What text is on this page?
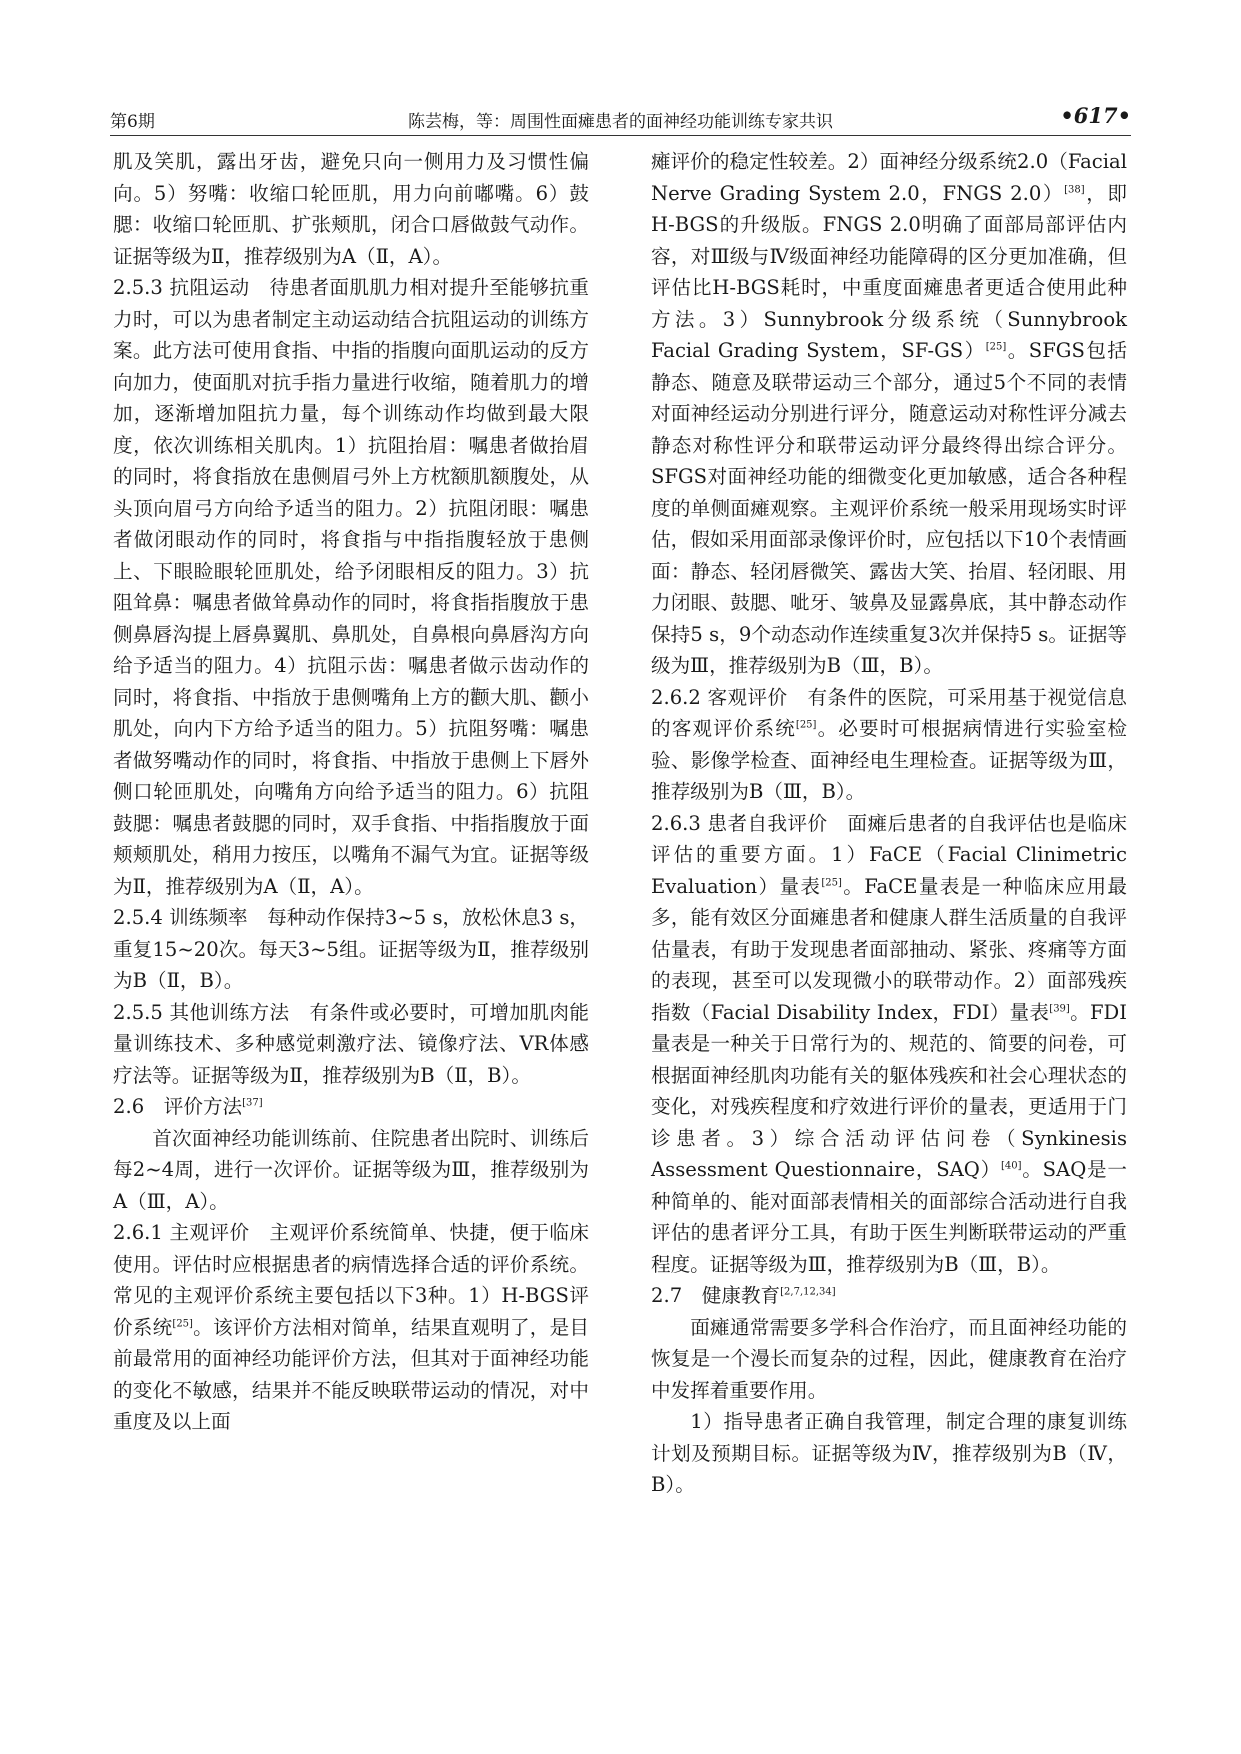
第6期	陈芸梅，等：周围性面瘫患者的面神经功能训练专家共识	•617•

肌及笑肌，露出牙齿，避免只向一侧用力及习惯性偏向。5）努嘴：收缩口轮匝肌，用力向前嘟嘴。6）鼓腮：收缩口轮匝肌、扩张颊肌，闭合口唇做鼓气动作。证据等级为Ⅱ，推荐级别为A（Ⅱ，A）。

2.5.3 抗阻运动　待患者面肌肌力相对提升至能够抗重力时，可以为患者制定主动运动结合抗阻运动的训练方案。此方法可使用食指、中指的指腹向面肌运动的反方向加力，使面肌对抗手指力量进行收缩，随着肌力的增加，逐渐增加阻抗力量，每个训练动作均做到最大限度，依次训练相关肌肉。1）抗阻抬眉：嘱患者做抬眉的同时，将食指放在患侧眉弓外上方枕额肌额腹处，从头顶向眉弓方向给予适当的阻力。2）抗阻闭眼：嘱患者做闭眼动作的同时，将食指与中指指腹轻放于患侧上、下眼睑眼轮匝肌处，给予闭眼相反的阻力。3）抗阻耸鼻：嘱患者做耸鼻动作的同时，将食指指腹放于患侧鼻唇沟提上唇鼻翼肌、鼻肌处，自鼻根向鼻唇沟方向给予适当的阻力。4）抗阻示齿：嘱患者做示齿动作的同时，将食指、中指放于患侧嘴角上方的颧大肌、颧小肌处，向内下方给予适当的阻力。5）抗阻努嘴：嘱患者做努嘴动作的同时，将食指、中指放于患侧上下唇外侧口轮匝肌处，向嘴角方向给予适当的阻力。6）抗阻鼓腮：嘱患者鼓腮的同时，双手食指、中指指腹放于面颊颊肌处，稍用力按压，以嘴角不漏气为宜。证据等级为Ⅱ，推荐级别为A（Ⅱ，A）。

2.5.4 训练频率　每种动作保持3~5 s，放松休息3 s，重复15~20次。每天3~5组。证据等级为Ⅱ，推荐级别为B（Ⅱ，B）。

2.5.5 其他训练方法　有条件或必要时，可增加肌肉能量训练技术、多种感觉刺激疗法、镜像疗法、VR体感疗法等。证据等级为Ⅱ，推荐级别为B（Ⅱ，B）。

2.6　评价方法[37]

首次面神经功能训练前、住院患者出院时、训练后每2~4周，进行一次评价。证据等级为Ⅲ，推荐级别为A（Ⅲ，A）。

2.6.1 主观评价　主观评价系统简单、快捷，便于临床使用。评估时应根据患者的病情选择合适的评价系统。常见的主观评价系统主要包括以下3种。1）H-BGS评价系统[25]。该评价方法相对简单，结果直观明了，是目前最常用的面神经功能评价方法，但其对于面神经功能的变化不敏感，结果并不能反映联带运动的情况，对中重度及以上面

瘫评价的稳定性较差。2）面神经分级系统2.0（Facial Nerve Grading System 2.0，FNGS 2.0）[38]，即H-BGS的升级版。FNGS 2.0明确了面部局部评估内容，对Ⅲ级与Ⅳ级面神经功能障碍的区分更加准确，但评估比H-BGS耗时，中重度面瘫患者更适合使用此种方法。3）Sunnybrook分级系统（Sunnybrook Facial Grading System，SF-GS）[25]。SFGS包括静态、随意及联带运动三个部分，通过5个不同的表情对面神经运动分别进行评分，随意运动对称性评分减去静态对称性评分和联带运动评分最终得出综合评分。SFGS对面神经功能的细微变化更加敏感，适合各种程度的单侧面瘫观察。主观评价系统一般采用现场实时评估，假如采用面部录像评价时，应包括以下10个表情画面：静态、轻闭唇微笑、露齿大笑、抬眉、轻闭眼、用力闭眼、鼓腮、呲牙、皱鼻及显露鼻底，其中静态动作保持5 s，9个动态动作连续重复3次并保持5 s。证据等级为Ⅲ，推荐级别为B（Ⅲ，B）。

2.6.2 客观评价　有条件的医院，可采用基于视觉信息的客观评价系统[25]。必要时可根据病情进行实验室检验、影像学检查、面神经电生理检查。证据等级为Ⅲ，推荐级别为B（Ⅲ，B）。

2.6.3 患者自我评价　面瘫后患者的自我评估也是临床评估的重要方面。1）FaCE（Facial Clinimetric Evaluation）量表[25]。FaCE量表是一种临床应用最多，能有效区分面瘫患者和健康人群生活质量的自我评估量表，有助于发现患者面部抽动、紧张、疼痛等方面的表现，甚至可以发现微小的联带动作。2）面部残疾指数（Facial Disability Index，FDI）量表[39]。FDI量表是一种关于日常行为的、规范的、简要的问卷，可根据面神经肌肉功能有关的躯体残疾和社会心理状态的变化，对残疾程度和疗效进行评价的量表，更适用于门诊患者。3）综合活动评估问卷（Synkinesis Assessment Questionnaire，SAQ）[40]。SAQ是一种简单的、能对面部表情相关的面部综合活动进行自我评估的患者评分工具，有助于医生判断联带运动的严重程度。证据等级为Ⅲ，推荐级别为B（Ⅲ，B）。

2.7　健康教育[2,7,12,34]

面瘫通常需要多学科合作治疗，而且面神经功能的恢复是一个漫长而复杂的过程，因此，健康教育在治疗中发挥着重要作用。

1）指导患者正确自我管理，制定合理的康复训练计划及预期目标。证据等级为Ⅳ，推荐级别为B（Ⅳ，B）。
